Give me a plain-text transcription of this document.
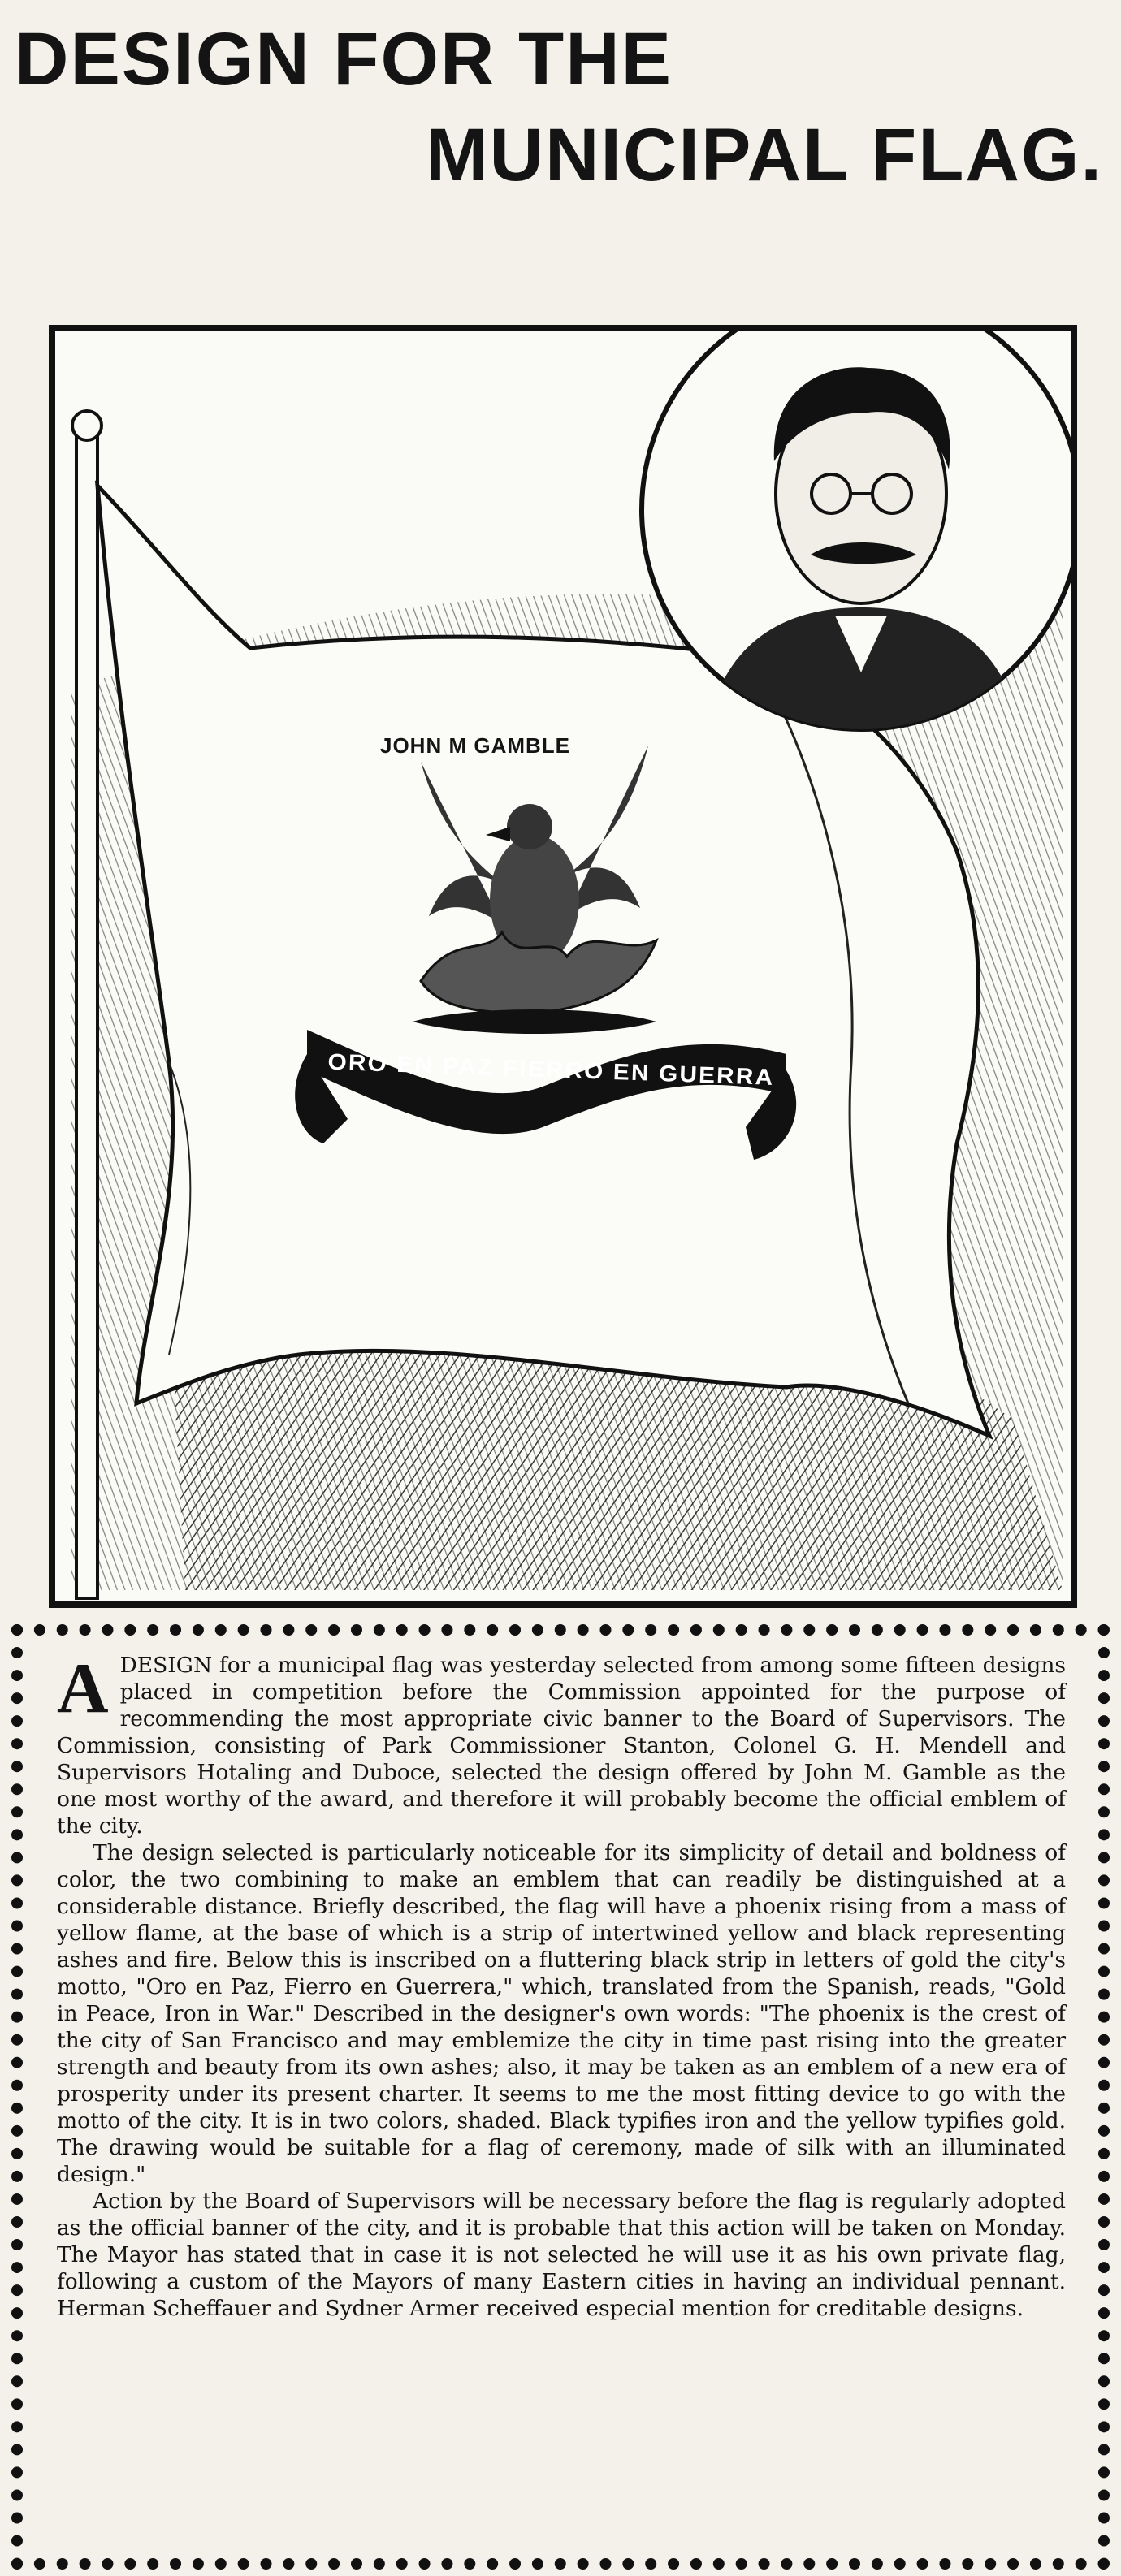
DESIGN FOR THE
MUNICIPAL FLAG.
ORO EN PAZ FIERRO EN GUERRA
JOHN M GAMBLE

ADESIGN for a municipal flag was yesterday selected from among some fifteen designs placed in competition before the Commission appointed for the purpose of recommending the most appropriate civic banner to the Board of Supervisors. The Commission, consisting of Park Commissioner Stanton, Colonel G. H. Mendell and Supervisors Hotaling and Duboce, selected the design offered by John M. Gamble as the one most worthy of the award, and therefore it will probably become the official emblem of the city.

The design selected is particularly noticeable for its simplicity of detail and boldness of color, the two combining to make an emblem that can readily be distinguished at a considerable distance. Briefly described, the flag will have a phoenix rising from a mass of yellow flame, at the base of which is a strip of intertwined yellow and black representing ashes and fire. Below this is inscribed on a fluttering black strip in letters of gold the city's motto, "Oro en Paz, Fierro en Guerrera," which, translated from the Spanish, reads, "Gold in Peace, Iron in War." Described in the designer's own words: "The phoenix is the crest of the city of San Francisco and may emblemize the city in time past rising into the greater strength and beauty from its own ashes; also, it may be taken as an emblem of a new era of prosperity under its present charter. It seems to me the most fitting device to go with the motto of the city. It is in two colors, shaded. Black typifies iron and the yellow typifies gold. The drawing would be suitable for a flag of ceremony, made of silk with an illuminated design."

Action by the Board of Supervisors will be necessary before the flag is regularly adopted as the official banner of the city, and it is probable that this action will be taken on Monday. The Mayor has stated that in case it is not selected he will use it as his own private flag, following a custom of the Mayors of many Eastern cities in having an individual pennant. Herman Scheffauer and Sydner Armer received especial mention for creditable designs.
